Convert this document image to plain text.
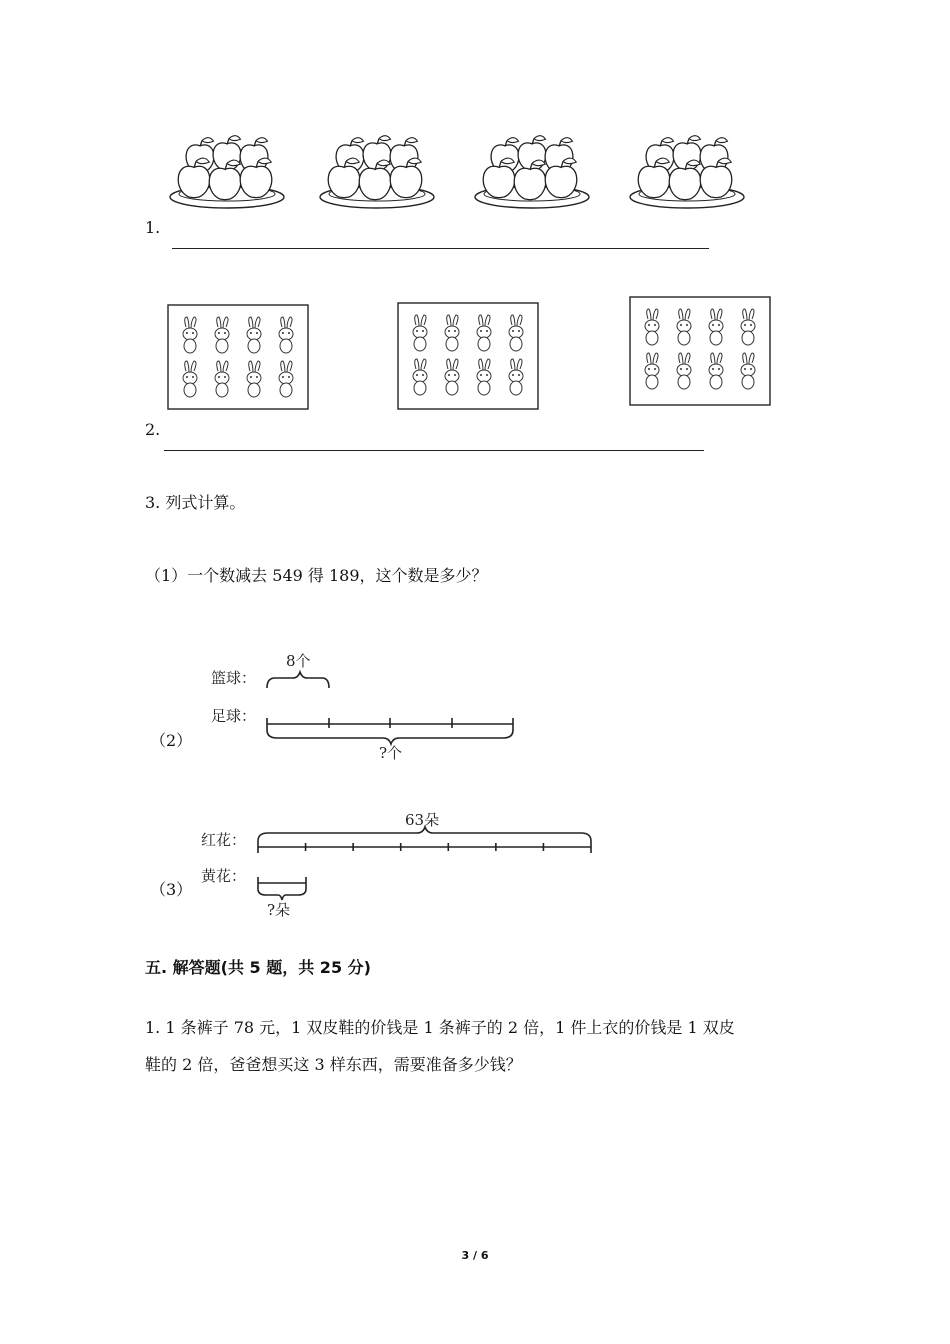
1.
2.
3. 列式计算。
（1）一个数减去 549 得 189，这个数是多少？
（2）
篮球：
8个
足球：
?个
（3）
63朵
红花：
黄花：
?朵
五. 解答题(共 5 题，共 25 分)
1. 1 条裤子 78 元，1 双皮鞋的价钱是 1 条裤子的 2 倍，1 件上衣的价钱是 1 双皮
鞋的 2 倍，爸爸想买这 3 样东西，需要准备多少钱？
3 / 6
